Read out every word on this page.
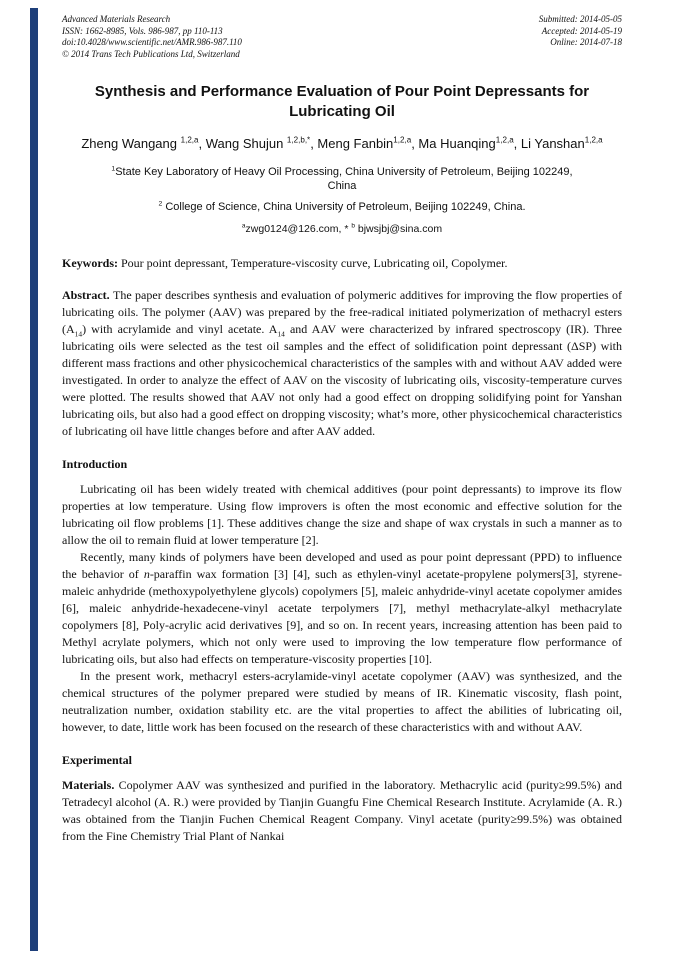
Advanced Materials Research
ISSN: 1662-8985, Vols. 986-987, pp 110-113
doi:10.4028/www.scientific.net/AMR.986-987.110
© 2014 Trans Tech Publications Ltd, Switzerland
Submitted: 2014-05-05
Accepted: 2014-05-19
Online: 2014-07-18
Synthesis and Performance Evaluation of Pour Point Depressants for Lubricating Oil
Zheng Wangang $^{1,2,a}$, Wang Shujun $^{1,2,b,*}$, Meng Fanbin$^{1,2,a}$, Ma Huanqing$^{1,2,a}$, Li Yanshan$^{1,2,a}$
$^1$State Key Laboratory of Heavy Oil Processing, China University of Petroleum, Beijing 102249, China
$^2$ College of Science, China University of Petroleum, Beijing 102249, China.
$^a$zwg0124@126.com, * $^b$ bjwsjbj@sina.com

Keywords: Pour point depressant, Temperature-viscosity curve, Lubricating oil, Copolymer.

Abstract. The paper describes synthesis and evaluation of polymeric additives for improving the flow properties of lubricating oils. The polymer (AAV) was prepared by the free-radical initiated polymerization of methacryl esters $(A_{14})$ with acrylamide and vinyl acetate. $A_{14}$ and AAV were characterized by infrared spectroscopy (IR). Three lubricating oils were selected as the test oil samples and the effect of solidification point depressant (ΔSP) with different mass fractions and other physicochemical characteristics of the samples with and without AAV added were investigated. In order to analyze the effect of AAV on the viscosity of lubricating oils, viscosity-temperature curves were plotted. The results showed that AAV not only had a good effect on dropping solidifying point for Yanshan lubricating oils, but also had a good effect on dropping viscosity; what’s more, other physicochemical characteristics of lubricating oil have little changes before and after AAV added.

Introduction

Lubricating oil has been widely treated with chemical additives (pour point depressants) to improve its flow properties at low temperature. Using flow improvers is often the most economic and effective solution for the lubricating oil flow problems [1]. These additives change the size and shape of wax crystals in such a manner as to allow the oil to remain fluid at lower temperature [2].

Recently, many kinds of polymers have been developed and used as pour point depressant (PPD) to influence the behavior of n-paraffin wax formation [3] [4], such as ethylen-vinyl acetate-propylene polymers[3], styrene-maleic anhydride (methoxypolyethylene glycols) copolymers [5], maleic anhydride-vinyl acetate copolymer amides [6], maleic anhydride-hexadecene-vinyl acetate terpolymers [7], methyl methacrylate-alkyl methacrylate copolymers [8], Poly-acrylic acid derivatives [9], and so on. In recent years, increasing attention has been paid to Methyl acrylate polymers, which not only were used to improving the low temperature flow performance of lubricating oils, but also had effects on temperature-viscosity properties [10].

In the present work, methacryl esters-acrylamide-vinyl acetate copolymer (AAV) was synthesized, and the chemical structures of the polymer prepared were studied by means of IR. Kinematic viscosity, flash point, neutralization number, oxidation stability etc. are the vital properties to affect the abilities of lubricating oil, however, to date, little work has been focused on the research of these characteristics with and without AAV.

Experimental

Materials. Copolymer AAV was synthesized and purified in the laboratory. Methacrylic acid (purity≥99.5%) and Tetradecyl alcohol (A. R.) were provided by Tianjin Guangfu Fine Chemical Research Institute. Acrylamide (A. R.) was obtained from the Tianjin Fuchen Chemical Reagent Company. Vinyl acetate (purity≥99.5%) was obtained from the Fine Chemistry Trial Plant of Nankai
